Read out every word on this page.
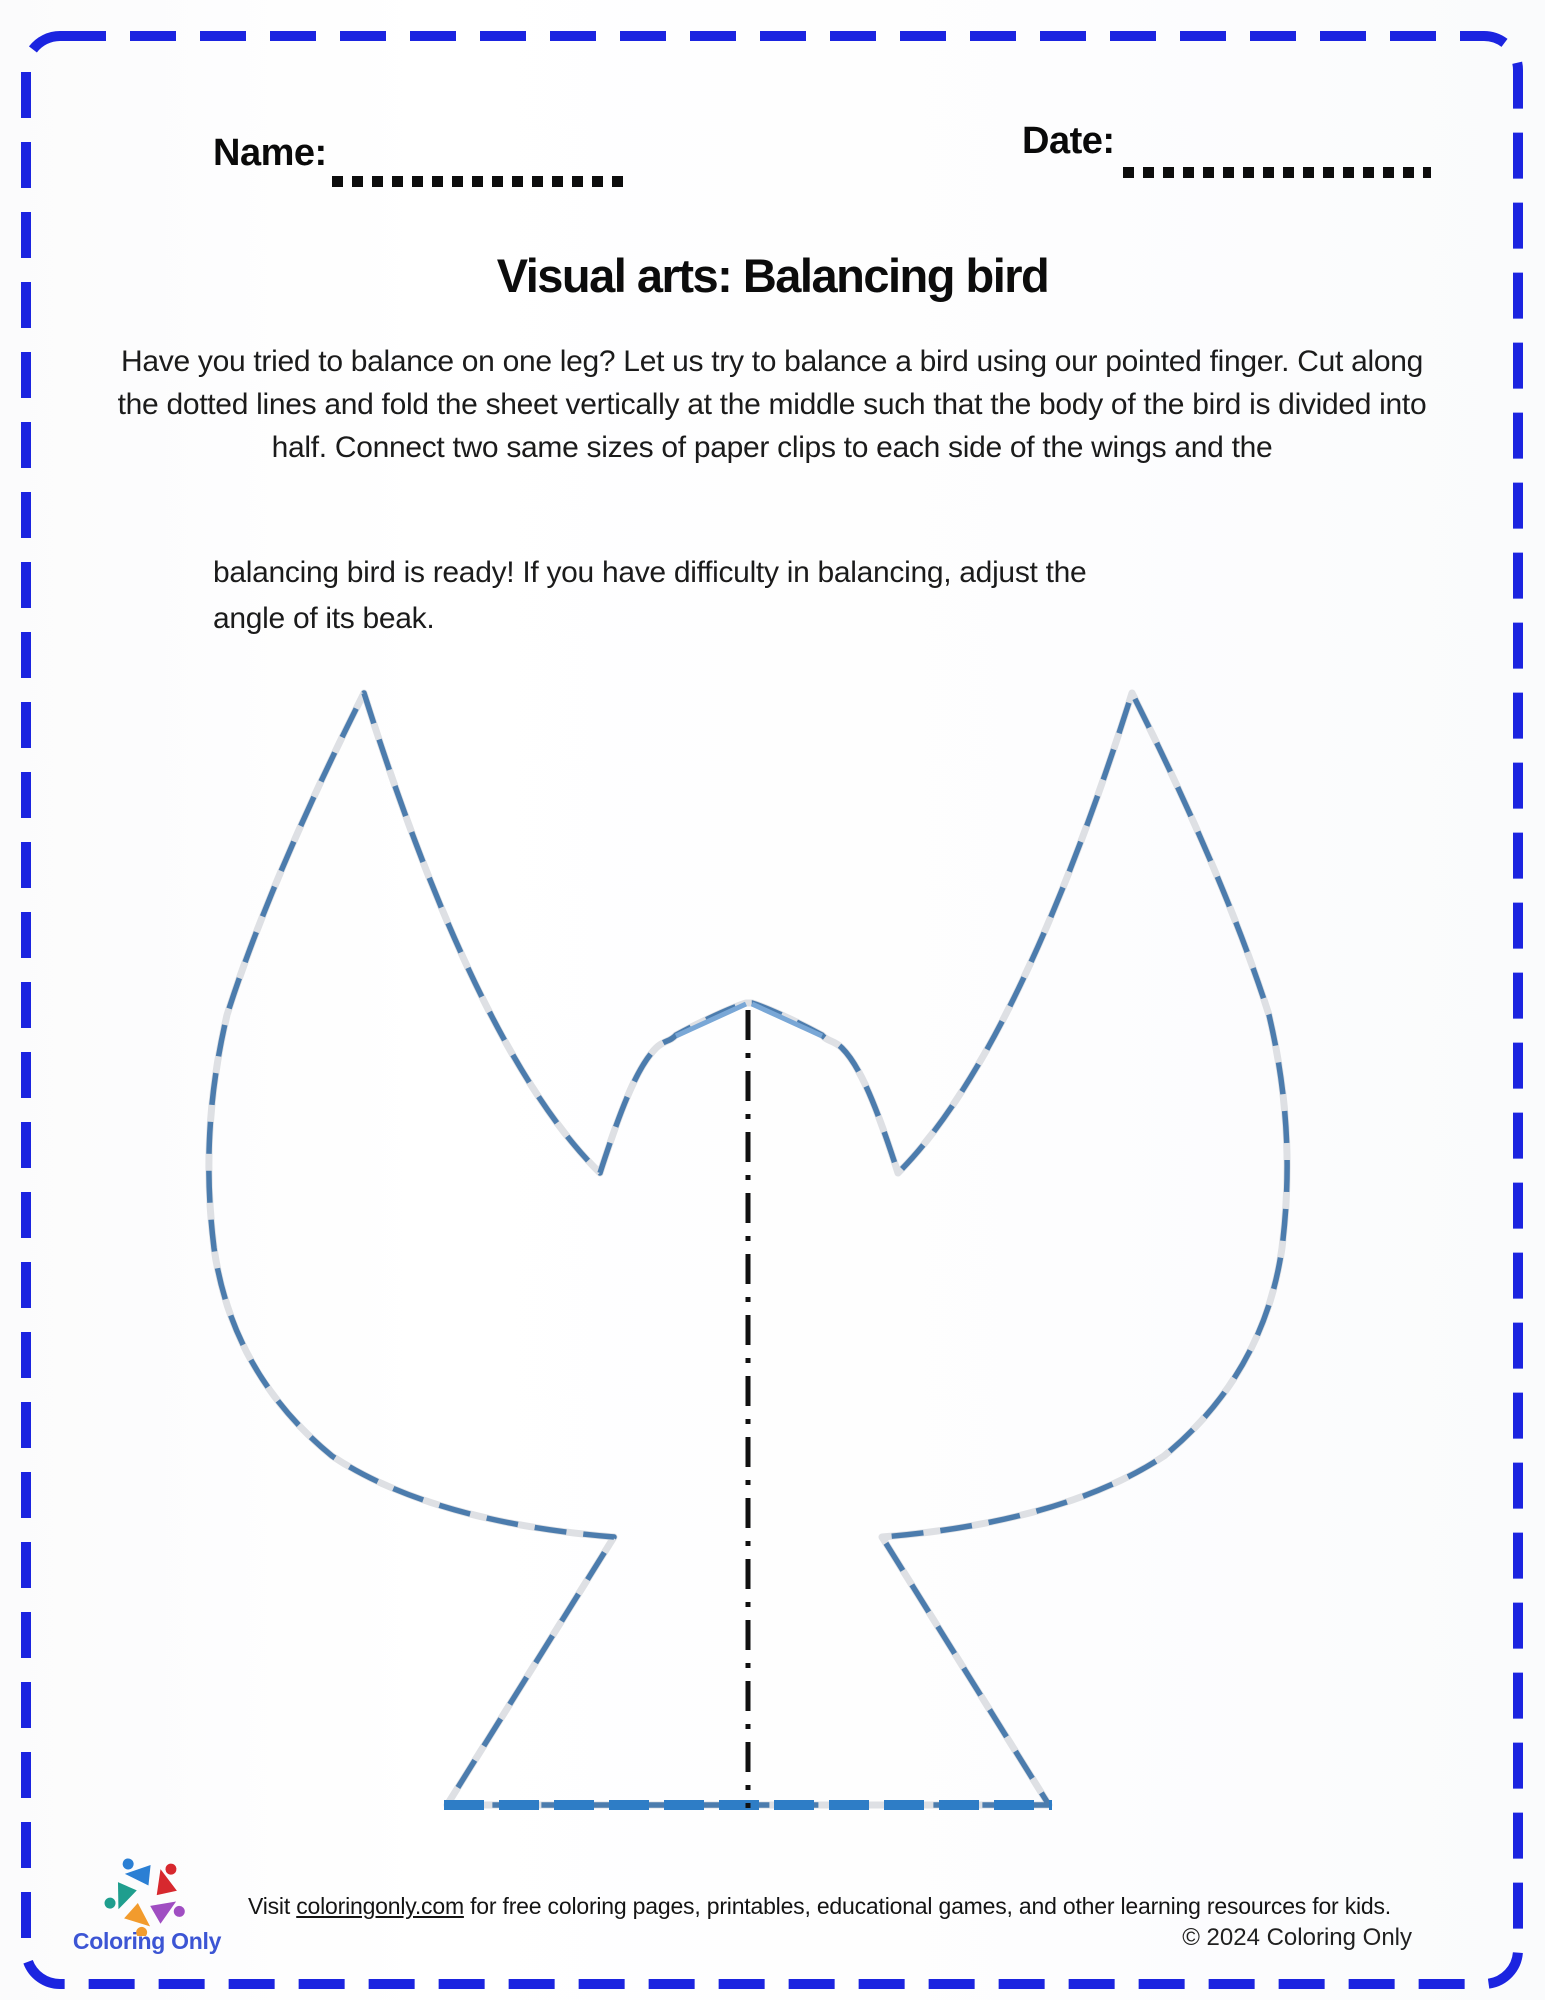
Name:	Date:
Visual arts: Balancing bird
Have you tried to balance on one leg? Let us try to balance a bird using our pointed finger. Cut along the dotted lines and fold the sheet vertically at the middle such that the body of the bird is divided into half. Connect two same sizes of paper clips to each side of the wings and the
balancing bird is ready! If you have difficulty in balancing, adjust the angle of its beak.
Coloring Only
Visit coloringonly.com for free coloring pages, printables, educational games, and other learning resources for kids.
© 2024 Coloring Only
